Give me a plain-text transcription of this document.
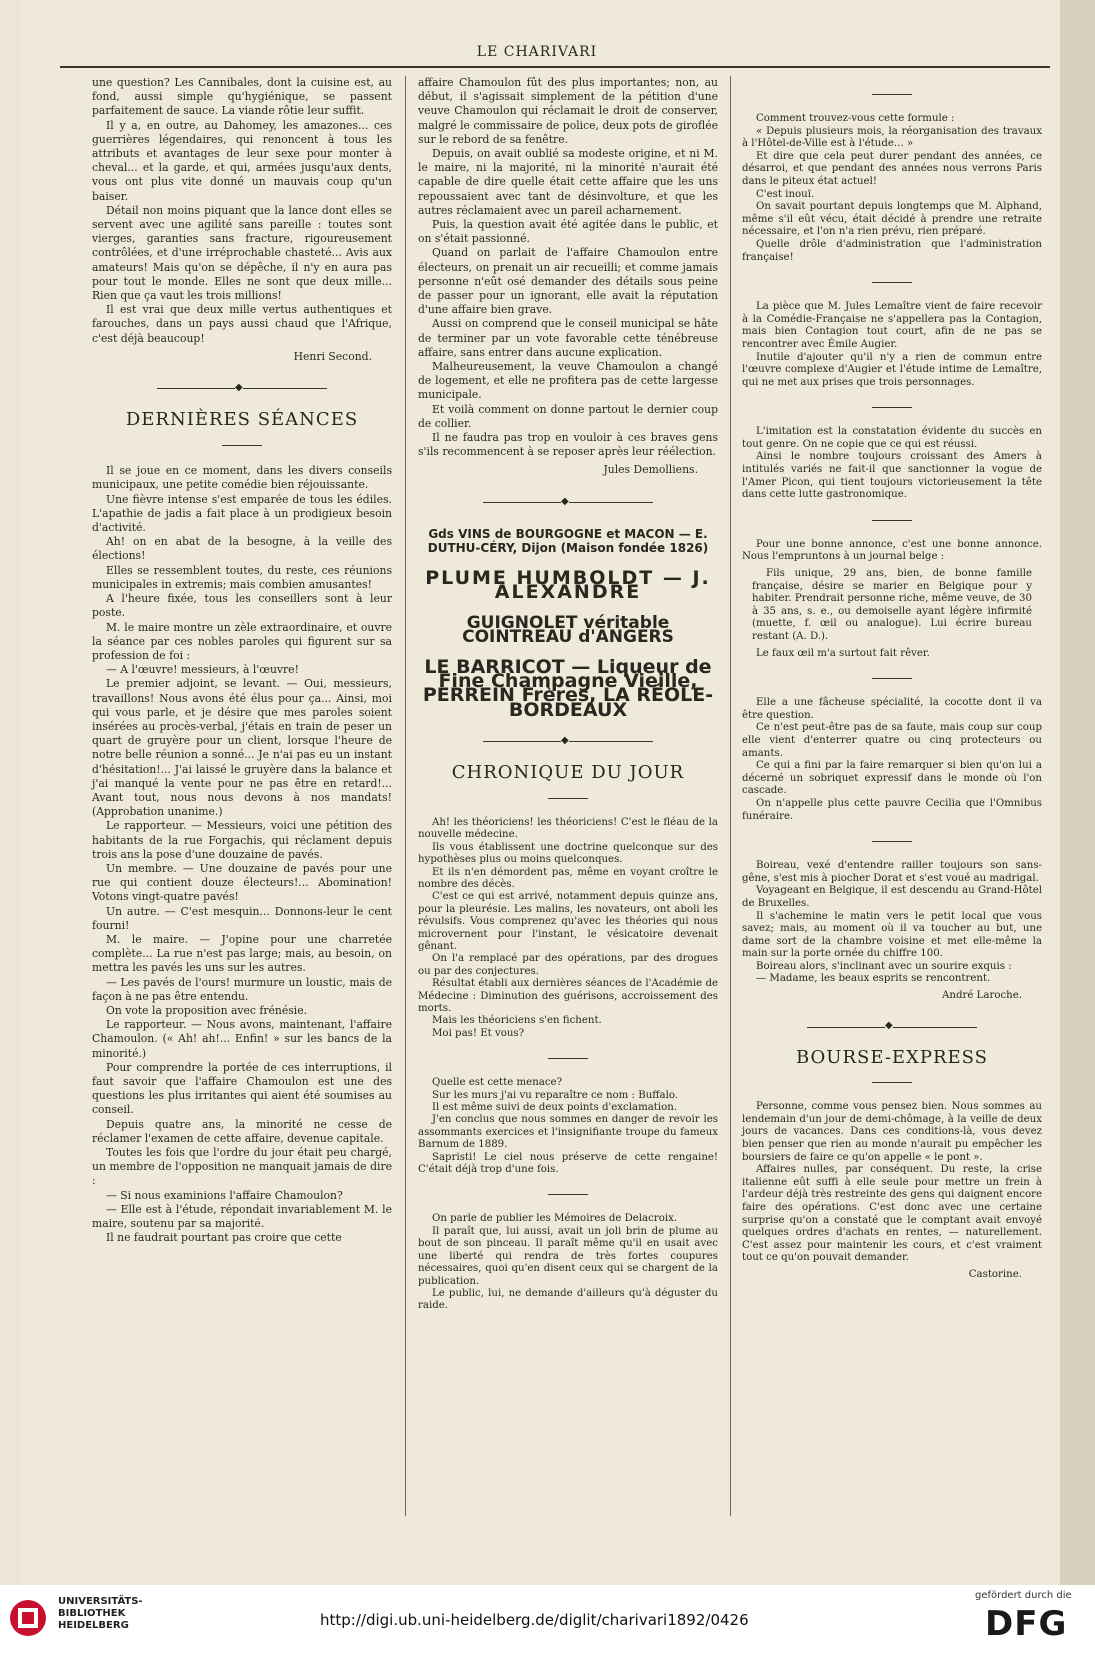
LE CHARIVARI

une question? Les Cannibales, dont la cuisine est, au fond, aussi simple qu'hygiénique, se passent parfaitement de sauce. La viande rôtie leur suffit.

Il y a, en outre, au Dahomey, les amazones... ces guerrières légendaires, qui renoncent à tous les attributs et avantages de leur sexe pour monter à cheval... et la garde, et qui, armées jusqu'aux dents, vous ont plus vite donné un mauvais coup qu'un baiser.

Détail non moins piquant que la lance dont elles se servent avec une agilité sans pareille : toutes sont vierges, garanties sans fracture, rigoureusement contrôlées, et d'une irréprochable chasteté... Avis aux amateurs! Mais qu'on se dépêche, il n'y en aura pas pour tout le monde. Elles ne sont que deux mille... Rien que ça vaut les trois millions!

Il est vrai que deux mille vertus authentiques et farouches, dans un pays aussi chaud que l'Afrique, c'est déjà beaucoup!

Henri Second.
◆
DERNIÈRES SÉANCES

Il se joue en ce moment, dans les divers conseils municipaux, une petite comédie bien réjouissante.

Une fièvre intense s'est emparée de tous les édiles. L'apathie de jadis a fait place à un prodigieux besoin d'activité.

Ah! on en abat de la besogne, à la veille des élections!

Elles se ressemblent toutes, du reste, ces réunions municipales in extremis; mais combien amusantes!

A l'heure fixée, tous les conseillers sont à leur poste.

M. le maire montre un zèle extraordinaire, et ouvre la séance par ces nobles paroles qui figurent sur sa profession de foi :

— A l'œuvre! messieurs, à l'œuvre!

Le premier adjoint, se levant. — Oui, messieurs, travaillons! Nous avons été élus pour ça... Ainsi, moi qui vous parle, et je désire que mes paroles soient insérées au procès-verbal, j'étais en train de peser un quart de gruyère pour un client, lorsque l'heure de notre belle réunion a sonné... Je n'ai pas eu un instant d'hésitation!... J'ai laissé le gruyère dans la balance et j'ai manqué la vente pour ne pas être en retard!... Avant tout, nous nous devons à nos mandats! (Approbation unanime.)

Le rapporteur. — Messieurs, voici une pétition des habitants de la rue Forgachis, qui réclament depuis trois ans la pose d'une douzaine de pavés.

Un membre. — Une douzaine de pavés pour une rue qui contient douze électeurs!... Abomination! Votons vingt-quatre pavés!

Un autre. — C'est mesquin... Donnons-leur le cent fourni!

M. le maire. — J'opine pour une charretée complète... La rue n'est pas large; mais, au besoin, on mettra les pavés les uns sur les autres.

— Les pavés de l'ours! murmure un loustic, mais de façon à ne pas être entendu.

On vote la proposition avec frénésie.

Le rapporteur. — Nous avons, maintenant, l'affaire Chamoulon. (« Ah! ah!... Enfin! » sur les bancs de la minorité.)

Pour comprendre la portée de ces interruptions, il faut savoir que l'affaire Chamoulon est une des questions les plus irritantes qui aient été soumises au conseil.

Depuis quatre ans, la minorité ne cesse de réclamer l'examen de cette affaire, devenue capitale.

Toutes les fois que l'ordre du jour était peu chargé, un membre de l'opposition ne manquait jamais de dire :

— Si nous examinions l'affaire Chamoulon?

— Elle est à l'étude, répondait invariablement M. le maire, soutenu par sa majorité.

Il ne faudrait pourtant pas croire que cette

affaire Chamoulon fût des plus importantes; non, au début, il s'agissait simplement de la pétition d'une veuve Chamoulon qui réclamait le droit de conserver, malgré le commissaire de police, deux pots de giroflée sur le rebord de sa fenêtre.

Depuis, on avait oublié sa modeste origine, et ni M. le maire, ni la majorité, ni la minorité n'aurait été capable de dire quelle était cette affaire que les uns repoussaient avec tant de désinvolture, et que les autres réclamaient avec un pareil acharnement.

Puis, la question avait été agitée dans le public, et on s'était passionné.

Quand on parlait de l'affaire Chamoulon entre électeurs, on prenait un air recueilli; et comme jamais personne n'eût osé demander des détails sous peine de passer pour un ignorant, elle avait la réputation d'une affaire bien grave.

Aussi on comprend que le conseil municipal se hâte de terminer par un vote favorable cette ténébreuse affaire, sans entrer dans aucune explication.

Malheureusement, la veuve Chamoulon a changé de logement, et elle ne profitera pas de cette largesse municipale.

Et voilà comment on donne partout le dernier coup de collier.

Il ne faudra pas trop en vouloir à ces braves gens s'ils recommencent à se reposer après leur réélection.

Jules Demolliens.
◆
Gds VINS de BOURGOGNE et MACON — E. DUTHU-CÉRY, Dijon (Maison fondée 1826)
PLUME HUMBOLDT — J. ALEXANDRE
GUIGNOLET véritable COINTREAU d'ANGERS
LE BARRICOT — Liqueur de Fine Champagne Vieille, PERREIN Frères, LA RÉOLE-BORDEAUX
◆
CHRONIQUE DU JOUR

Ah! les théoriciens! les théoriciens! C'est le fléau de la nouvelle médecine.

Ils vous établissent une doctrine quelconque sur des hypothèses plus ou moins quelconques.

Et ils n'en démordent pas, même en voyant croître le nombre des décès.

C'est ce qui est arrivé, notamment depuis quinze ans, pour la pleurésie. Les malins, les novateurs, ont aboli les révulsifs. Vous comprenez qu'avec les théories qui nous microvernent pour l'instant, le vésicatoire devenait gênant.

On l'a remplacé par des opérations, par des drogues ou par des conjectures.

Résultat établi aux dernières séances de l'Académie de Médecine : Diminution des guérisons, accroissement des morts.

Mais les théoriciens s'en fichent.

Moi pas! Et vous?

Quelle est cette menace?

Sur les murs j'ai vu reparaître ce nom : Buffalo.

Il est même suivi de deux points d'exclamation.

J'en conclus que nous sommes en danger de revoir les assommants exercices et l'insignifiante troupe du fameux Barnum de 1889.

Sapristi! Le ciel nous préserve de cette rengaine! C'était déjà trop d'une fois.

On parle de publier les Mémoires de Delacroix.

Il paraît que, lui aussi, avait un joli brin de plume au bout de son pinceau. Il paraît même qu'il en usait avec une liberté qui rendra de très fortes coupures nécessaires, quoi qu'en disent ceux qui se chargent de la publication.

Le public, lui, ne demande d'ailleurs qu'à déguster du raide.

Comment trouvez-vous cette formule :

« Depuis plusieurs mois, la réorganisation des travaux à l'Hôtel-de-Ville est à l'étude... »

Et dire que cela peut durer pendant des années, ce désarroi, et que pendant des années nous verrons Paris dans le piteux état actuel!

C'est inouï.

On savait pourtant depuis longtemps que M. Alphand, même s'il eût vécu, était décidé à prendre une retraite nécessaire, et l'on n'a rien prévu, rien préparé.

Quelle drôle d'administration que l'administration française!

La pièce que M. Jules Lemaître vient de faire recevoir à la Comédie-Française ne s'appellera pas la Contagion, mais bien Contagion tout court, afin de ne pas se rencontrer avec Émile Augier.

Inutile d'ajouter qu'il n'y a rien de commun entre l'œuvre complexe d'Augier et l'étude intime de Lemaître, qui ne met aux prises que trois personnages.

L'imitation est la constatation évidente du succès en tout genre. On ne copie que ce qui est réussi.

Ainsi le nombre toujours croissant des Amers à intitulés variés ne fait-il que sanctionner la vogue de l'Amer Picon, qui tient toujours victorieusement la tête dans cette lutte gastronomique.

Pour une bonne annonce, c'est une bonne annonce. Nous l'empruntons à un journal belge :

Fils unique, 29 ans, bien, de bonne famille française, désire se marier en Belgique pour y habiter. Prendrait personne riche, même veuve, de 30 à 35 ans, s. e., ou demoiselle ayant légère infirmité (muette, f. œil ou analogue). Lui écrire bureau restant (A. D.).

Le faux œil m'a surtout fait rêver.

Elle a une fâcheuse spécialité, la cocotte dont il va être question.

Ce n'est peut-être pas de sa faute, mais coup sur coup elle vient d'enterrer quatre ou cinq protecteurs ou amants.

Ce qui a fini par la faire remarquer si bien qu'on lui a décerné un sobriquet expressif dans le monde où l'on cascade.

On n'appelle plus cette pauvre Cecilia que l'Omnibus funéraire.

Boireau, vexé d'entendre railler toujours son sans-gêne, s'est mis à piocher Dorat et s'est voué au madrigal.

Voyageant en Belgique, il est descendu au Grand-Hôtel de Bruxelles.

Il s'achemine le matin vers le petit local que vous savez; mais, au moment où il va toucher au but, une dame sort de la chambre voisine et met elle-même la main sur la porte ornée du chiffre 100.

Boireau alors, s'inclinant avec un sourire exquis :

— Madame, les beaux esprits se rencontrent.

André Laroche.
◆
BOURSE-EXPRESS

Personne, comme vous pensez bien. Nous sommes au lendemain d'un jour de demi-chômage, à la veille de deux jours de vacances. Dans ces conditions-là, vous devez bien penser que rien au monde n'aurait pu empêcher les boursiers de faire ce qu'on appelle « le pont ».

Affaires nulles, par conséquent. Du reste, la crise italienne eût suffi à elle seule pour mettre un frein à l'ardeur déjà très restreinte des gens qui daignent encore faire des opérations. C'est donc avec une certaine surprise qu'on a constaté que le comptant avait envoyé quelques ordres d'achats en rentes, — naturellement. C'est assez pour maintenir les cours, et c'est vraiment tout ce qu'on pouvait demander.

Castorine.
UNIVERSITÄTS-
BIBLIOTHEK
HEIDELBERG	http://digi.ub.uni-heidelberg.de/diglit/charivari1892/0426
gefördert durch die
DFG
